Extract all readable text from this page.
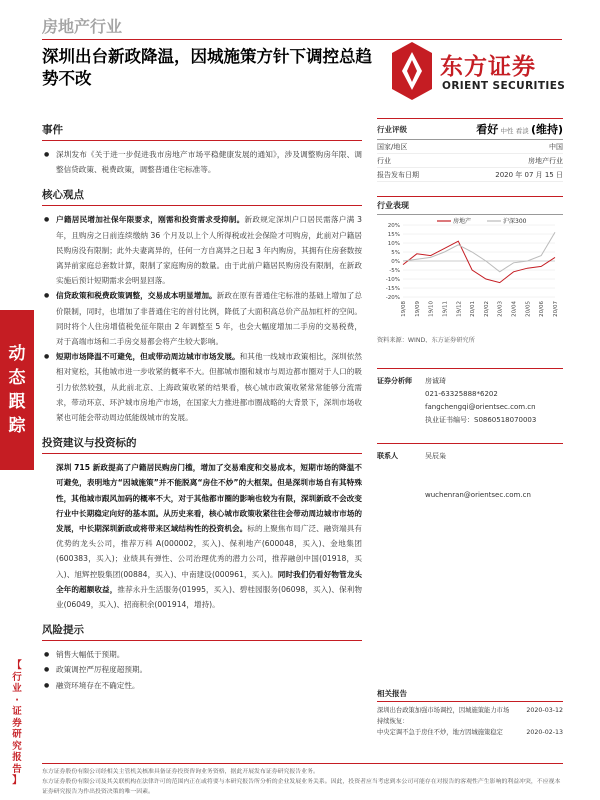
房地产行业
深圳出台新政降温，因城施策方针下调控总趋势不改	东方证券
ORIENT SECURITIES
动
态
跟
踪
【
行
业
·
证
券
研
究
报
告
】
事件

● 深圳发布《关于进一步促进我市房地产市场平稳健康发展的通知》，涉及调整购房年限、调整信贷政策、税费政策，调整普通住宅标准等。

核心观点

● 户籍居民增加社保年限要求，刚需和投资需求受抑制。新政规定深圳户口居民需落户满 3 年，且购房之日前连续缴纳 36 个月及以上个人所得税或社会保险才可购房，此前对户籍居民购房没有限制；此外夫妻离异的，任何一方自离异之日起 3 年内购房，其拥有住房套数按离异前家庭总套数计算，限制了家庭购房的数量。由于此前户籍居民购房没有限制，在新政实施后预计短期需求会明显回落。

● 信贷政策和税费政策调整，交易成本明显增加。新政在原有普通住宅标准的基础上增加了总价限制，同时，也增加了非普通住宅的首付比例，降低了大面积高总价产品加杠杆的空间。同时将个人住房增值税免征年限由 2 年调整至 5 年，也会大幅度增加二手房的交易税费，对于高端市场和二手房交易都会将产生较大影响。

● 短期市场降温不可避免，但或带动周边城市市场发展。和其他一线城市政策相比，深圳依然相对宽松，其他城市进一步收紧的概率不大。但都城市圈和城市与周边都市圈对于人口的吸引力依然较强，从此前北京、上海政策收紧的结果看，核心城市政策收紧常常能够分流需求，带动环京、环沪城市房地产市场，在国家大力推进都市圈战略的大背景下，深圳市场收紧也可能会带动周边低能级城市的发展。

投资建议与投资标的

深圳 715 新政提高了户籍居民购房门槛，增加了交易难度和交易成本，短期市场的降温不可避免，表明地方“因城施策”并不能脱离“房住不炒”的大框架。但是深圳市场自有其特殊性，其他城市跟风加码的概率不大，对于其他都市圈的影响也较为有限，深圳新政不会改变行业中长期稳定向好的基本面。从历史来看，核心城市政策收紧往往会带动周边城市市场的发展，中长期深圳新政或将带来区域结构性的投资机会。标的上聚焦布局广泛、融资端具有优势的龙头公司，推荐万科 A(000002，买入)、保利地产(600048，买入)、金地集团(600383，买入)；业绩具有弹性、公司治理优秀的潜力公司，推荐融创中国(01918，买入)、旭辉控股集团(00884，买入)、中南建设(000961，买入)。同时我们仍看好物管龙头全年的超额收益，推荐永升生活服务(01995，买入)、碧桂园服务(06098，买入)、保利物业(06049，买入)、招商积余(001914，增持)。

风险提示

● 销售大幅低于预期。

● 政策调控严厉程度超预期。

● 融资环境存在不确定性。

行业评级	看好 中性 看淡 (维持)
国家/地区	中国
行业	房地产行业
报告发布日期	2020 年 07 月 15 日
行业表现
20%
15%
10%
5%
0%
-5%
-10%
-15%
-20%
19/08 19/09 19/10 19/11 19/12 20/01 20/02 20/03 20/04 20/05 20/06 20/07
房地产	沪深300
资料来源：WIND、东方证券研究所
证券分析师	房诚琦
021-63325888*6202
fangchengqi@orientsec.com.cn
执业证书编号：S0860518070003
联系人	吴辰枭
wuchenran@orientsec.com.cn
相关报告
深圳出台政策加强市场调控，因城施策能力市场	2020-03-12
持续恢复：
中央定调不急于房住不炒，地方因城施策稳定	2020-02-13
东方证券股份有限公司经相关主管机关核准具备证券投资咨询业务资格，据此开展发布证券研究报告业务。
东方证券股份有限公司及其关联机构在法律许可的范围内正在或将要与本研究报告所分析的企业发展业务关系。因此，投资者应当考虑到本公司可能存在对报告的客观性产生影响的利益冲突，不应视本证券研究报告为作出投资决策的唯一因素。
